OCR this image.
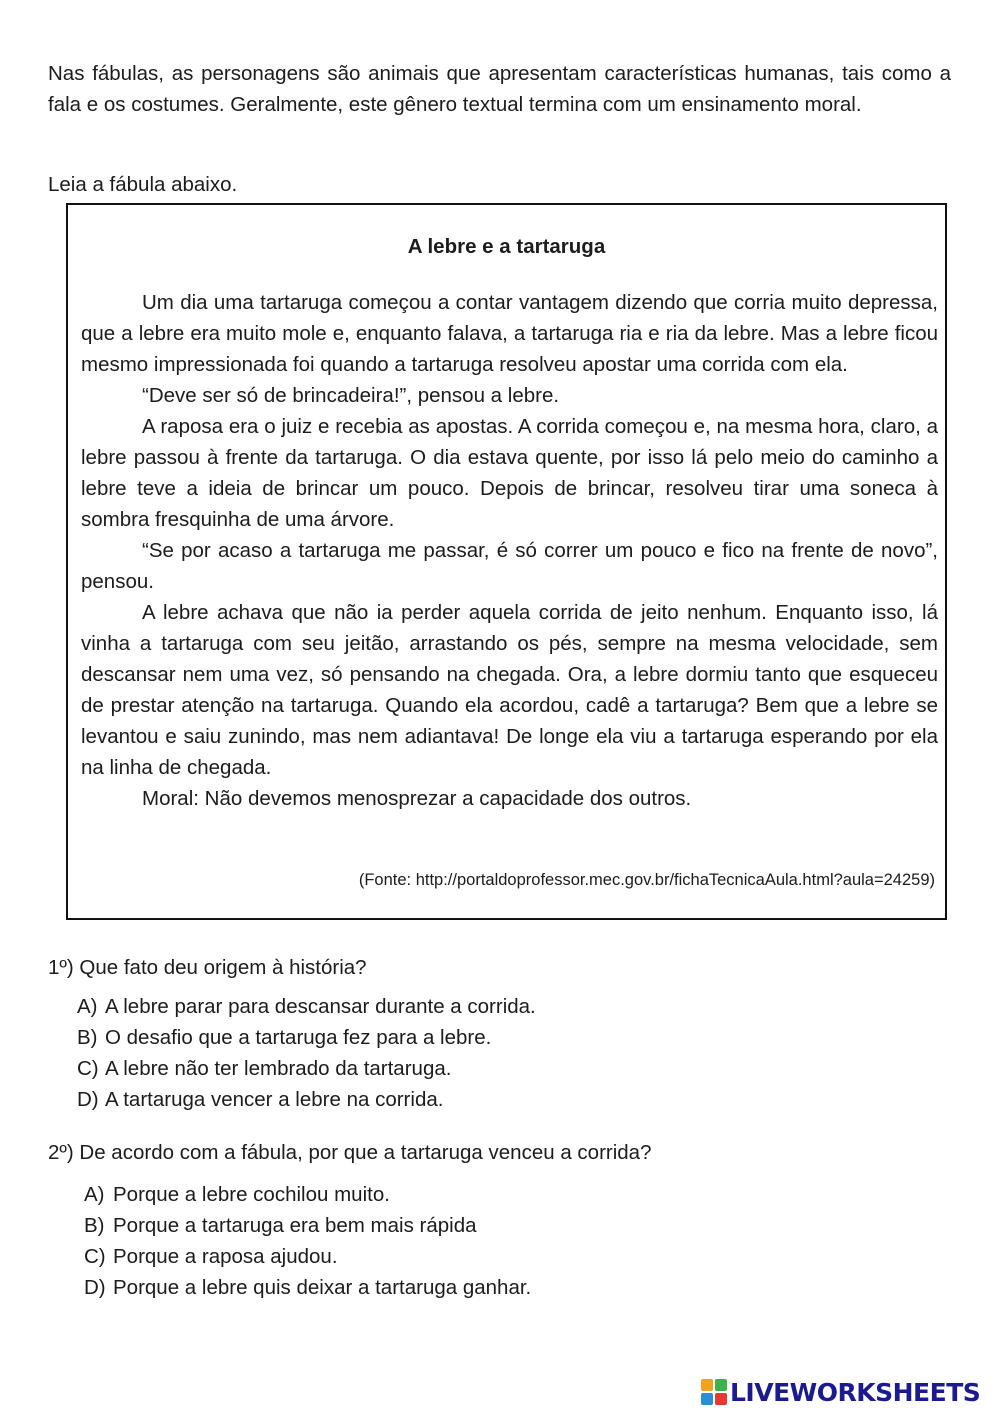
Nas fábulas, as personagens são animais que apresentam características humanas, tais como a fala e os costumes. Geralmente, este gênero textual termina com um ensinamento moral.

Leia a fábula abaixo.

A lebre e a tartaruga

Um dia uma tartaruga começou a contar vantagem dizendo que corria muito depressa, que a lebre era muito mole e, enquanto falava, a tartaruga ria e ria da lebre. Mas a lebre ficou mesmo impressionada foi quando a tartaruga resolveu apostar uma corrida com ela.

“Deve ser só de brincadeira!”, pensou a lebre.

A raposa era o juiz e recebia as apostas. A corrida começou e, na mesma hora, claro, a lebre passou à frente da tartaruga. O dia estava quente, por isso lá pelo meio do caminho a lebre teve a ideia de brincar um pouco. Depois de brincar, resolveu tirar uma soneca à sombra fresquinha de uma árvore.

“Se por acaso a tartaruga me passar, é só correr um pouco e fico na frente de novo”, pensou.

A lebre achava que não ia perder aquela corrida de jeito nenhum. Enquanto isso, lá vinha a tartaruga com seu jeitão, arrastando os pés, sempre na mesma velocidade, sem descansar nem uma vez, só pensando na chegada. Ora, a lebre dormiu tanto que esqueceu de prestar atenção na tartaruga. Quando ela acordou, cadê a tartaruga? Bem que a lebre se levantou e saiu zunindo, mas nem adiantava! De longe ela viu a tartaruga esperando por ela na linha de chegada.

Moral: Não devemos menosprezar a capacidade dos outros.

(Fonte: http://portaldoprofessor.mec.gov.br/fichaTecnicaAula.html?aula=24259)

1º) Que fato deu origem à história?

A) A lebre parar para descansar durante a corrida.
B) O desafio que a tartaruga fez para a lebre.
C) A lebre não ter lembrado da tartaruga.
D) A tartaruga vencer a lebre na corrida.

2º) De acordo com a fábula, por que a tartaruga venceu a corrida?

A) Porque a lebre cochilou muito.
B) Porque a tartaruga era bem mais rápida
C) Porque a raposa ajudou.
D) Porque a lebre quis deixar a tartaruga ganhar.
LIVEWORKSHEETS
